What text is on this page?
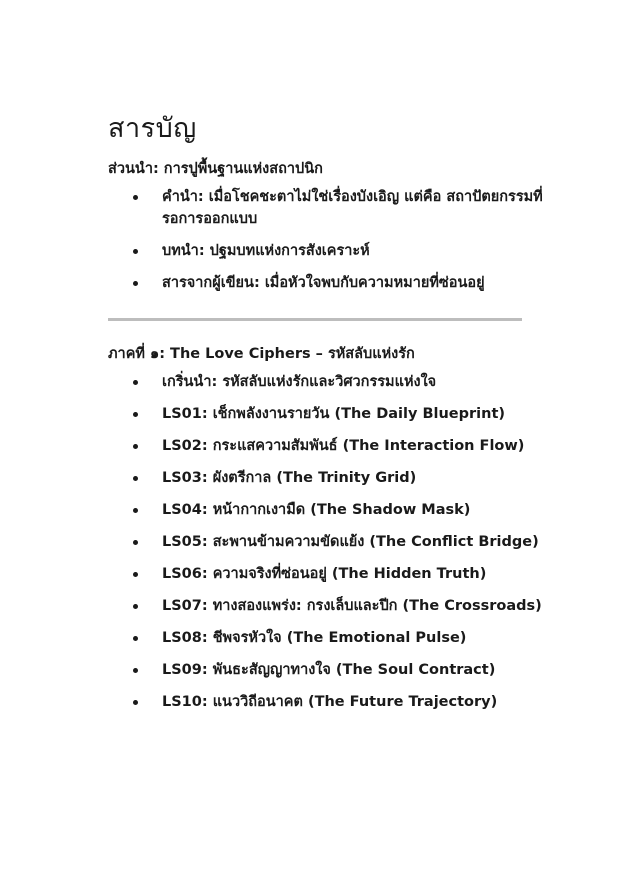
สารบัญ

ส่วนนำ: การปูพื้นฐานแห่งสถาปนิก

คำนำ: เมื่อโชคชะตาไม่ใช่เรื่องบังเอิญ แต่คือ สถาปัตยกรรมที่รอการออกแบบ
บทนำ: ปฐมบทแห่งการสังเคราะห์
สารจากผู้เขียน: เมื่อหัวใจพบกับความหมายที่ซ่อนอยู่

ภาคที่ ๑: The Love Ciphers – รหัสลับแห่งรัก

เกริ่นนำ: รหัสลับแห่งรักและวิศวกรรมแห่งใจ
LS01: เช็กพลังงานรายวัน (The Daily Blueprint)
LS02: กระแสความสัมพันธ์ (The Interaction Flow)
LS03: ผังตรีกาล (The Trinity Grid)
LS04: หน้ากากเงามืด (The Shadow Mask)
LS05: สะพานข้ามความขัดแย้ง (The Conflict Bridge)
LS06: ความจริงที่ซ่อนอยู่ (The Hidden Truth)
LS07: ทางสองแพร่ง: กรงเล็บและปีก (The Crossroads)
LS08: ชีพจรหัวใจ (The Emotional Pulse)
LS09: พันธะสัญญาทางใจ (The Soul Contract)
LS10: แนววิถีอนาคต (The Future Trajectory)
